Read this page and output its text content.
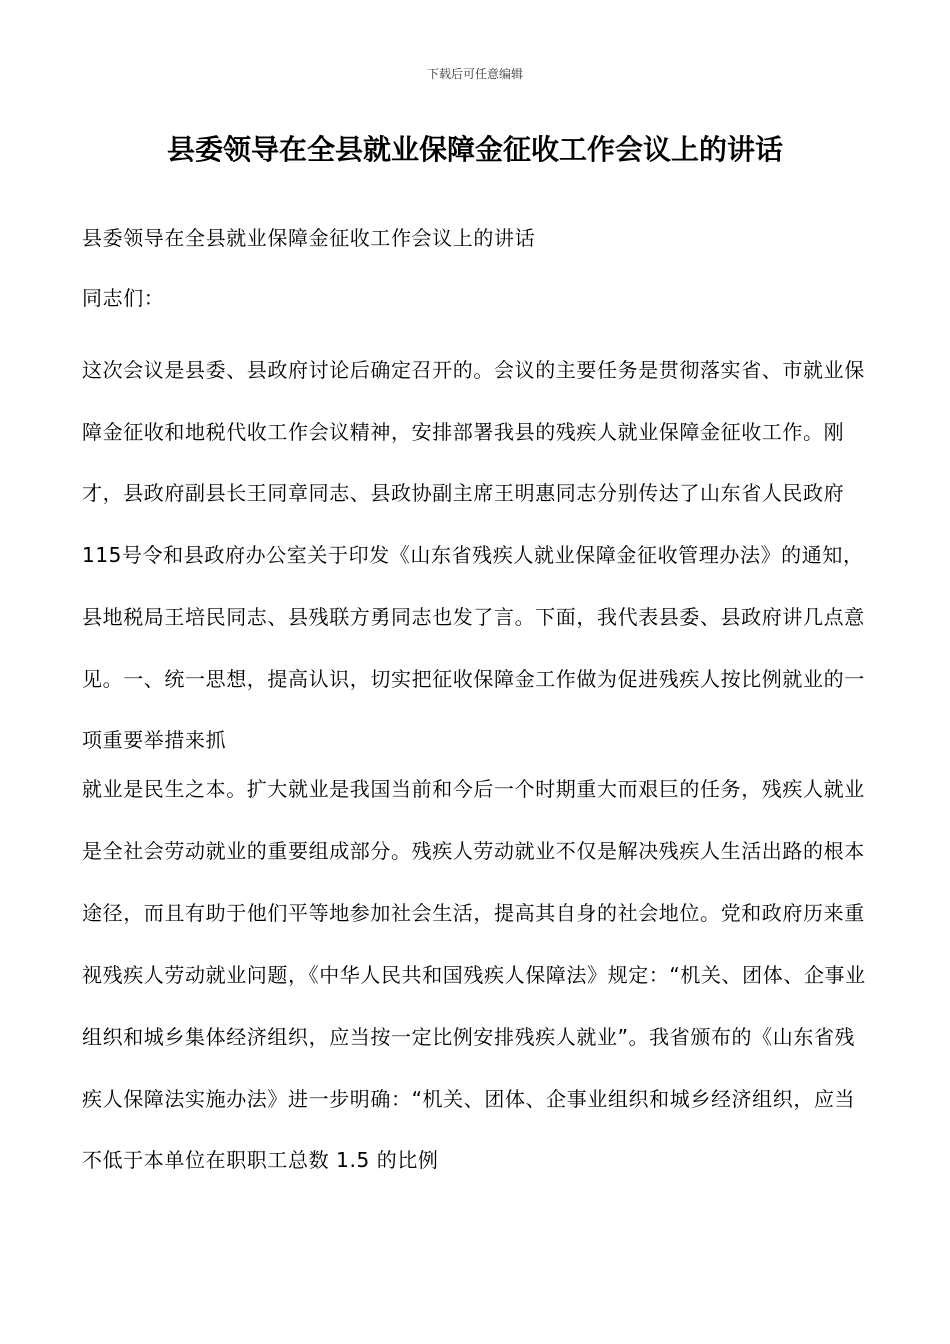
下载后可任意编辑
县委领导在全县就业保障金征收工作会议上的讲话

县委领导在全县就业保障金征收工作会议上的讲话

同志们：

这次会议是县委、县政府讨论后确定召开的。会议的主要任务是贯彻落实省、市就业保障金征收和地税代收工作会议精神，安排部署我县的残疾人就业保障金征收工作。刚才，县政府副县长王同章同志、县政协副主席王明惠同志分别传达了山东省人民政府115号令和县政府办公室关于印发《山东省残疾人就业保障金征收管理办法》的通知，县地税局王培民同志、县残联方勇同志也发了言。下面，我代表县委、县政府讲几点意见。一、统一思想，提高认识，切实把征收保障金工作做为促进残疾人按比例就业的一项重要举措来抓

就业是民生之本。扩大就业是我国当前和今后一个时期重大而艰巨的任务，残疾人就业是全社会劳动就业的重要组成部分。残疾人劳动就业不仅是解决残疾人生活出路的根本途径，而且有助于他们平等地参加社会生活，提高其自身的社会地位。党和政府历来重视残疾人劳动就业问题，《中华人民共和国残疾人保障法》规定：“机关、团体、企事业组织和城乡集体经济组织，应当按一定比例安排残疾人就业”。我省颁布的《山东省残疾人保障法实施办法》进一步明确：“机关、团体、企事业组织和城乡经济组织，应当不低于本单位在职职工总数 1.5 的比例
